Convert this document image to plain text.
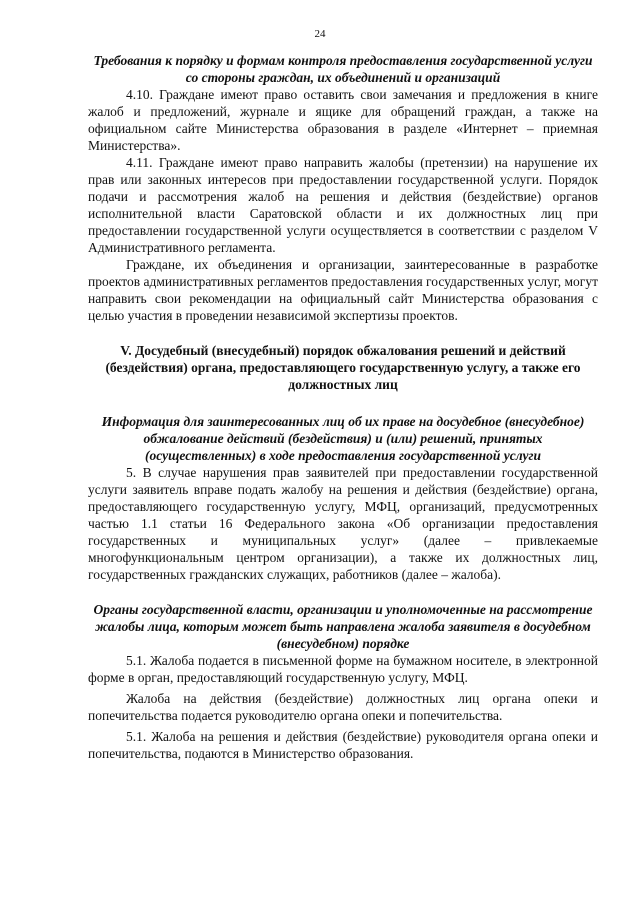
24

Требования к порядку и формам контроля предоставления государственной услуги со стороны граждан, их объединений и организаций

4.10. Граждане имеют право оставить свои замечания и предложения в книге жалоб и предложений, журнале и ящике для обращений граждан, а также на официальном сайте Министерства образования в разделе «Интернет – приемная Министерства».

4.11. Граждане имеют право направить жалобы (претензии) на нарушение их прав или законных интересов при предоставлении государственной услуги. Порядок подачи и рассмотрения жалоб на решения и действия (бездействие) органов исполнительной власти Саратовской области и их должностных лиц при предоставлении государственной услуги осуществляется в соответствии с разделом V Административного регламента.

Граждане, их объединения и организации, заинтересованные в разработке проектов административных регламентов предоставления государственных услуг, могут направить свои рекомендации на официальный сайт Министерства образования с целью участия в проведении независимой экспертизы проектов.

V. Досудебный (внесудебный) порядок обжалования решений и действий (бездействия) органа, предоставляющего государственную услугу, а также его должностных лиц

Информация для заинтересованных лиц об их праве на досудебное (внесудебное) обжалование действий (бездействия) и (или) решений, принятых (осуществленных) в ходе предоставления государственной услуги

5. В случае нарушения прав заявителей при предоставлении государственной услуги заявитель вправе подать жалобу на решения и действия (бездействие) органа, предоставляющего государственную услугу, МФЦ, организаций, предусмотренных частью 1.1 статьи 16 Федерального закона «Об организации предоставления государственных и муниципальных услуг» (далее – привлекаемые многофункциональным центром организации), а также их должностных лиц, государственных гражданских служащих, работников (далее – жалоба).

Органы государственной власти, организации и уполномоченные на рассмотрение жалобы лица, которым может быть направлена жалоба заявителя в досудебном (внесудебном) порядке

5.1. Жалоба подается в письменной форме на бумажном носителе, в электронной форме в орган, предоставляющий государственную услугу, МФЦ.

Жалоба на действия (бездействие) должностных лиц органа опеки и попечительства подается руководителю органа опеки и попечительства.

5.1. Жалоба на решения и действия (бездействие) руководителя органа опеки и попечительства, подаются в Министерство образования.
